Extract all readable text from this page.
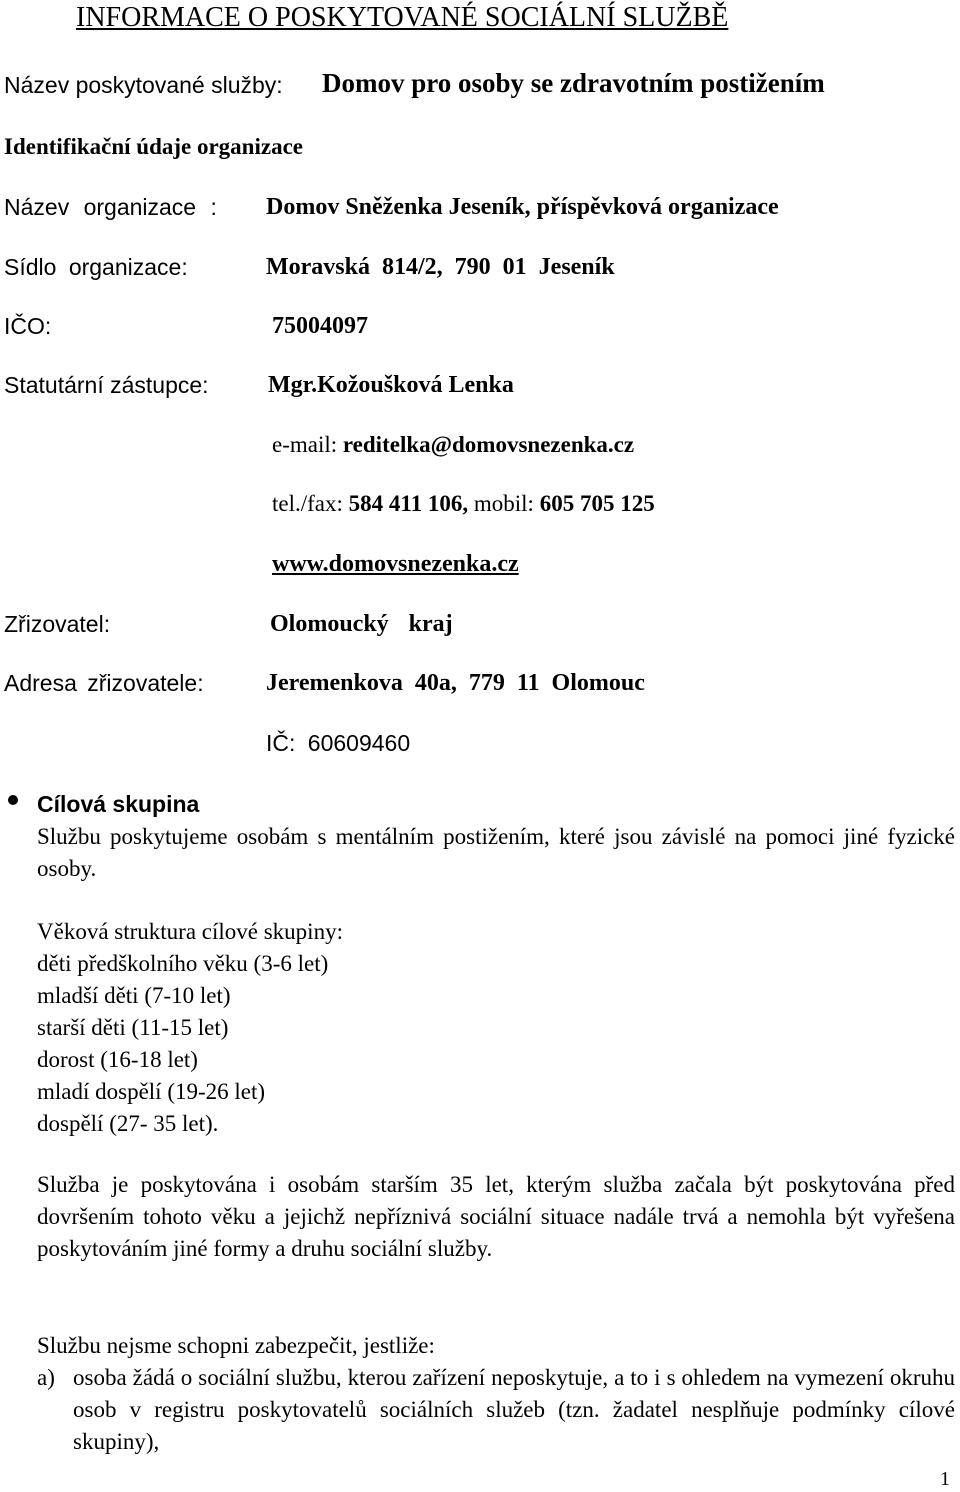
INFORMACE O POSKYTOVANÉ SOCIÁLNÍ SLUŽBĚ
Název poskytované služby: Domov pro osoby se zdravotním postižením
Identifikační údaje organizace
Název organizace : Domov Sněženka Jeseník, příspěvková organizace
Sídlo organizace:	Moravská 814/2, 790 01 Jeseník
IČO:	75004097
Statutární zástupce: Mgr.Kožoušková Lenka
e-mail: reditelka@domovsnezenka.cz
tel./fax: 584 411 106, mobil: 605 705 125
www.domovsnezenka.cz
Zřizovatel:	Olomoucký kraj
Adresa zřizovatele:	Jeremenkova 40a, 779 11 Olomouc
IČ: 60609460
Cílová skupina

Službu poskytujeme osobám s mentálním postižením, které jsou závislé na pomoci jiné fyzické osoby.

Věková struktura cílové skupiny:
děti předškolního věku (3-6 let)
mladší děti (7-10 let)
starší děti (11-15 let)
dorost (16-18 let)
mladí dospělí (19-26 let)
dospělí (27- 35 let).

Služba je poskytována i osobám starším 35 let, kterým služba začala být poskytována před dovršením tohoto věku a jejichž nepříznivá sociální situace nadále trvá a nemohla být vyřešena poskytováním jiné formy a druhu sociální služby.

Službu nejsme schopni zabezpečit, jestliže:

a) osoba žádá o sociální službu, kterou zařízení neposkytuje, a to i s ohledem na vymezení okruhu osob v registru poskytovatelů sociálních služeb (tzn. žadatel nesplňuje podmínky cílové skupiny),
1
